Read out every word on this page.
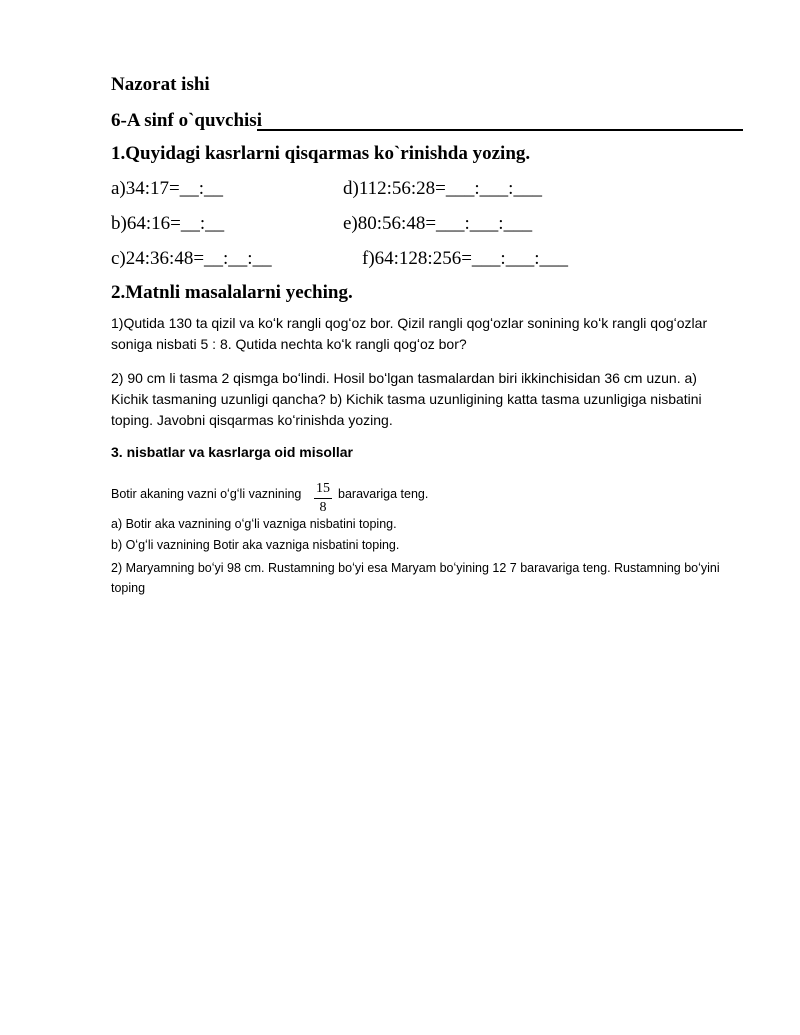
Nazorat ishi
6-A sinf o`quvchisi
1.Quyidagi kasrlarni qisqarmas ko`rinishda yozing.
a)34:17=__:__	d)112:56:28=___:___:___
b)64:16=__:__	e)80:56:48=___:___:___
c)24:36:48=__:__:__	f)64:128:256=___:___:___
2.Matnli masalalarni yeching.
1)Qutida 130 ta qizil va koʻk rangli qogʻoz bor. Qizil rangli qogʻozlar sonining koʻk rangli qogʻozlar soniga nisbati 5 : 8. Qutida nechta koʻk rangli qogʻoz bor?
2) 90 cm li tasma 2 qismga boʻlindi. Hosil boʻlgan tasmalardan biri ikkinchisidan 36 cm uzun. a) Kichik tasmaning uzunligi qancha? b) Kichik tasma uzunligining katta tasma uzunligiga nisbatini toping. Javobni qisqarmas koʻrinishda yozing.
3. nisbatlar va kasrlarga oid misollar
Botir akaning vazni oʻgʻli vaznining 15
8
baravariga teng.
a) Botir aka vaznining oʻgʻli vazniga nisbatini toping.
b) Oʻgʻli vaznining Botir aka vazniga nisbatini toping.
2) Maryamning boʻyi 98 cm. Rustamning boʻyi esa Maryam boʻyining 12 7 baravariga teng. Rustamning boʻyini toping
